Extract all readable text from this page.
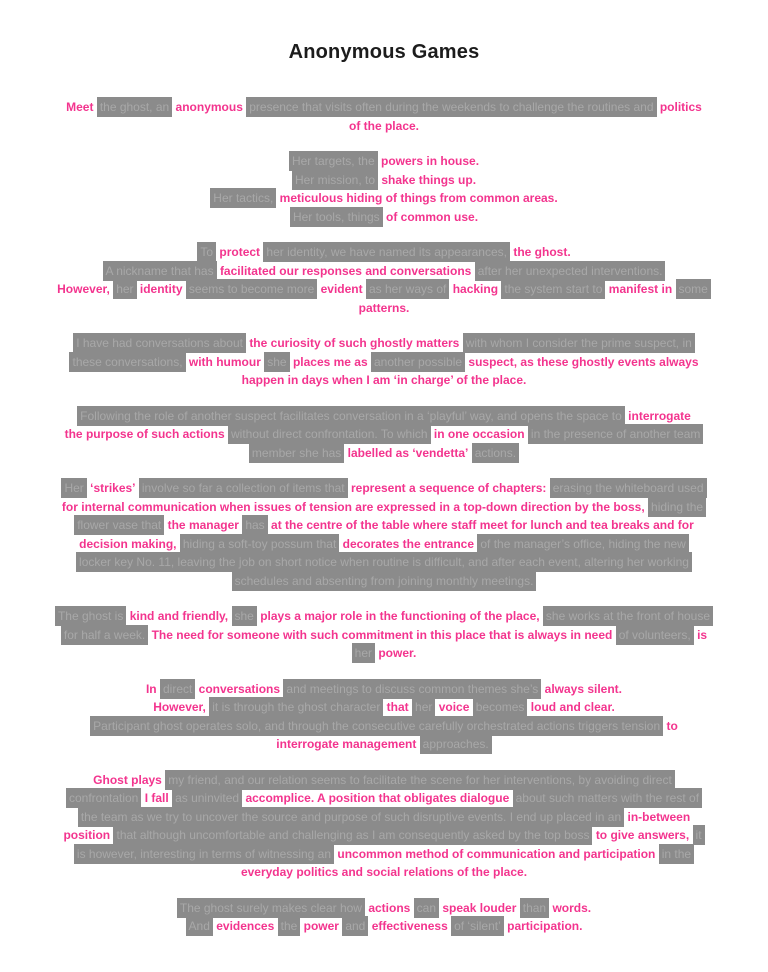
Anonymous Games
Meet the ghost, an anonymous presence that visits often during the weekends to challenge the routines and politics
of the place.
Her targets, the powers in house.
Her mission, to shake things up.
Her tactics, meticulous hiding of things from common areas.
Her tools, things of common use.
To protect her identity, we have named its appearances, the ghost.
A nickname that has facilitated our responses and conversations after her unexpected interventions.
However, her identity seems to become more evident as her ways of hacking the system start to manifest in some
patterns.
I have had conversations about the curiosity of such ghostly matters with whom I consider the prime suspect, in
these conversations, with humour she places me as another possible suspect, as these ghostly events always
happen in days when I am ‘in charge’ of the place.
Following the role of another suspect facilitates conversation in a ‘playful’ way, and opens the space to interrogate
the purpose of such actions without direct confrontation. To which in one occasion in the presence of another team
member she has labelled as ‘vendetta’ actions.
Her ‘strikes’ involve so far a collection of items that represent a sequence of chapters: erasing the whiteboard used
for internal communication when issues of tension are expressed in a top-down direction by the boss, hiding the
flower vase that the manager has at the centre of the table where staff meet for lunch and tea breaks and for
decision making, hiding a soft-toy possum that decorates the entrance of the manager’s office, hiding the new
locker key No. 11, leaving the job on short notice when routine is difficult, and after each event, altering her working
schedules and absenting from joining monthly meetings.
The ghost is kind and friendly, she plays a major role in the functioning of the place, she works at the front of house
for half a week. The need for someone with such commitment in this place that is always in need of volunteers, is
her power.
In direct conversations and meetings to discuss common themes she’s always silent.
However, it is through the ghost character that her voice becomes loud and clear.
Participant ghost operates solo, and through the consecutive carefully orchestrated actions triggers tension to
interrogate management approaches.
Ghost plays my friend, and our relation seems to facilitate the scene for her interventions, by avoiding direct
confrontation I fall as uninvited accomplice. A position that obligates dialogue about such matters with the rest of
the team as we try to uncover the source and purpose of such disruptive events. I end up placed in an in-between
position that although uncomfortable and challenging as I am consequently asked by the top boss to give answers, it
is however, interesting in terms of witnessing an uncommon method of communication and participation in the
everyday politics and social relations of the place.
The ghost surely makes clear how actions can speak louder than words.
And evidences the power and effectiveness of ‘silent’ participation.
